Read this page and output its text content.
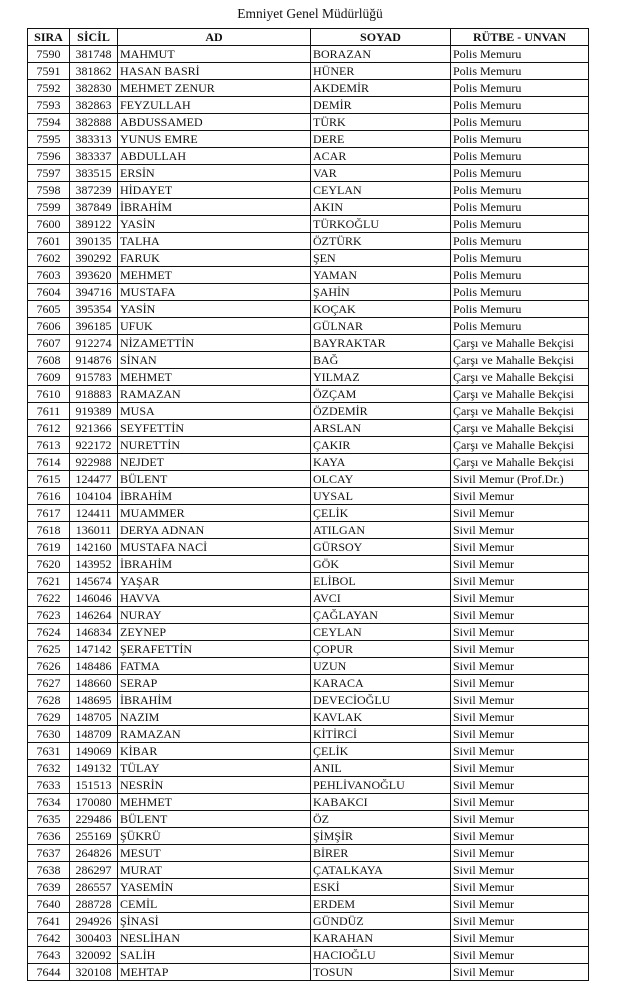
Emniyet Genel Müdürlüğü
SIRA	SİCİL	AD	SOYAD	RÜTBE - UNVAN
7590	381748	MAHMUT	BORAZAN	Polis Memuru
7591	381862	HASAN BASRİ	HÜNER	Polis Memuru
7592	382830	MEHMET ZENUR	AKDEMİR	Polis Memuru
7593	382863	FEYZULLAH	DEMİR	Polis Memuru
7594	382888	ABDUSSAMED	TÜRK	Polis Memuru
7595	383313	YUNUS EMRE	DERE	Polis Memuru
7596	383337	ABDULLAH	ACAR	Polis Memuru
7597	383515	ERSİN	VAR	Polis Memuru
7598	387239	HİDAYET	CEYLAN	Polis Memuru
7599	387849	İBRAHİM	AKIN	Polis Memuru
7600	389122	YASİN	TÜRKOĞLU	Polis Memuru
7601	390135	TALHA	ÖZTÜRK	Polis Memuru
7602	390292	FARUK	ŞEN	Polis Memuru
7603	393620	MEHMET	YAMAN	Polis Memuru
7604	394716	MUSTAFA	ŞAHİN	Polis Memuru
7605	395354	YASİN	KOÇAK	Polis Memuru
7606	396185	UFUK	GÜLNAR	Polis Memuru
7607	912274	NİZAMETTİN	BAYRAKTAR	Çarşı ve Mahalle Bekçisi
7608	914876	SİNAN	BAĞ	Çarşı ve Mahalle Bekçisi
7609	915783	MEHMET	YILMAZ	Çarşı ve Mahalle Bekçisi
7610	918883	RAMAZAN	ÖZÇAM	Çarşı ve Mahalle Bekçisi
7611	919389	MUSA	ÖZDEMİR	Çarşı ve Mahalle Bekçisi
7612	921366	SEYFETTİN	ARSLAN	Çarşı ve Mahalle Bekçisi
7613	922172	NURETTİN	ÇAKIR	Çarşı ve Mahalle Bekçisi
7614	922988	NEJDET	KAYA	Çarşı ve Mahalle Bekçisi
7615	124477	BÜLENT	OLCAY	Sivil Memur (Prof.Dr.)
7616	104104	İBRAHİM	UYSAL	Sivil Memur
7617	124411	MUAMMER	ÇELİK	Sivil Memur
7618	136011	DERYA ADNAN	ATILGAN	Sivil Memur
7619	142160	MUSTAFA NACİ	GÜRSOY	Sivil Memur
7620	143952	İBRAHİM	GÖK	Sivil Memur
7621	145674	YAŞAR	ELİBOL	Sivil Memur
7622	146046	HAVVA	AVCI	Sivil Memur
7623	146264	NURAY	ÇAĞLAYAN	Sivil Memur
7624	146834	ZEYNEP	CEYLAN	Sivil Memur
7625	147142	ŞERAFETTİN	ÇOPUR	Sivil Memur
7626	148486	FATMA	UZUN	Sivil Memur
7627	148660	SERAP	KARACA	Sivil Memur
7628	148695	İBRAHİM	DEVECİOĞLU	Sivil Memur
7629	148705	NAZIM	KAVLAK	Sivil Memur
7630	148709	RAMAZAN	KİTİRCİ	Sivil Memur
7631	149069	KİBAR	ÇELİK	Sivil Memur
7632	149132	TÜLAY	ANIL	Sivil Memur
7633	151513	NESRİN	PEHLİVANOĞLU	Sivil Memur
7634	170080	MEHMET	KABAKCI	Sivil Memur
7635	229486	BÜLENT	ÖZ	Sivil Memur
7636	255169	ŞÜKRÜ	ŞİMŞİR	Sivil Memur
7637	264826	MESUT	BİRER	Sivil Memur
7638	286297	MURAT	ÇATALKAYA	Sivil Memur
7639	286557	YASEMİN	ESKİ	Sivil Memur
7640	288728	CEMİL	ERDEM	Sivil Memur
7641	294926	ŞİNASİ	GÜNDÜZ	Sivil Memur
7642	300403	NESLİHAN	KARAHAN	Sivil Memur
7643	320092	SALİH	HACIOĞLU	Sivil Memur
7644	320108	MEHTAP	TOSUN	Sivil Memur
